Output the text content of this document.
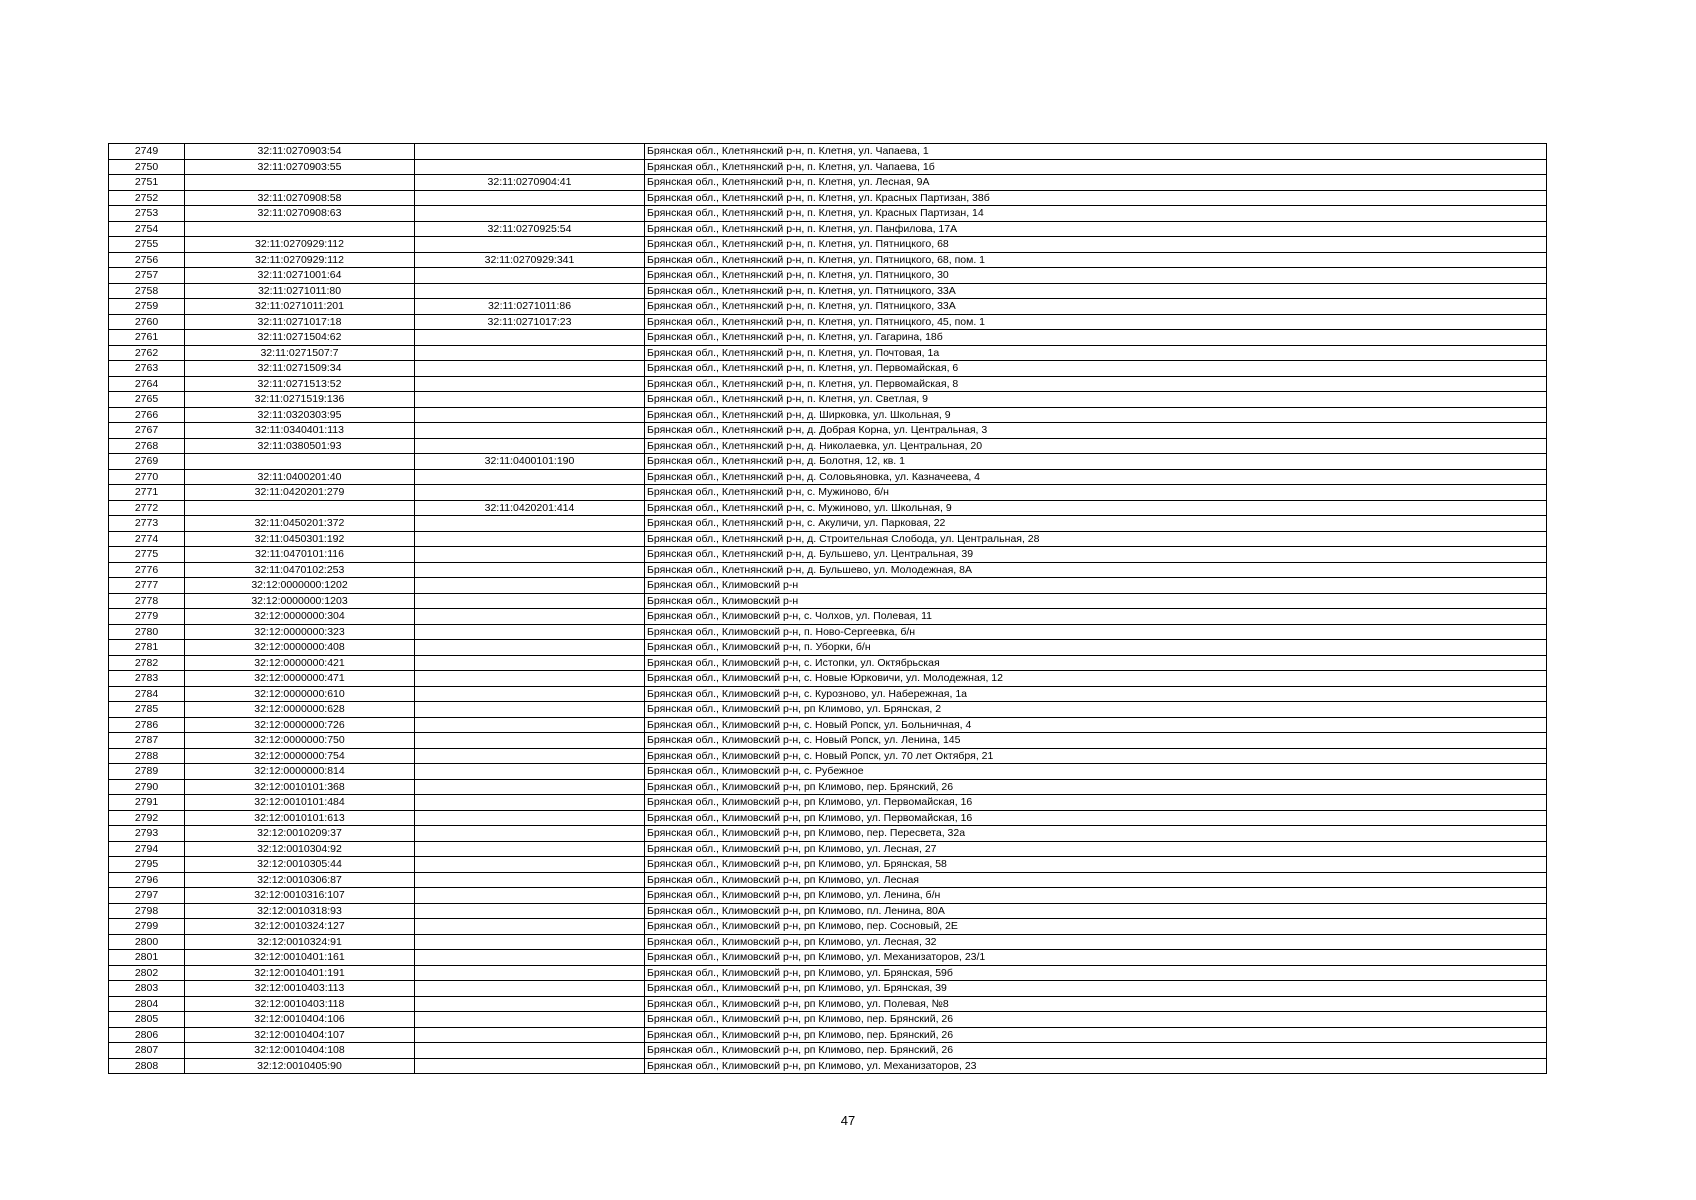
2749	32:11:0270903:54		Брянская обл., Клетнянский р-н, п. Клетня, ул. Чапаева, 1
2750	32:11:0270903:55		Брянская обл., Клетнянский р-н, п. Клетня, ул. Чапаева, 1б
2751		32:11:0270904:41	Брянская обл., Клетнянский р-н, п. Клетня, ул. Лесная, 9А
2752	32:11:0270908:58		Брянская обл., Клетнянский р-н, п. Клетня, ул. Красных Партизан, 38б
2753	32:11:0270908:63		Брянская обл., Клетнянский р-н, п. Клетня, ул. Красных Партизан, 14
2754		32:11:0270925:54	Брянская обл., Клетнянский р-н, п. Клетня, ул. Панфилова, 17А
2755	32:11:0270929:112		Брянская обл., Клетнянский р-н, п. Клетня, ул. Пятницкого, 68
2756	32:11:0270929:112	32:11:0270929:341	Брянская обл., Клетнянский р-н, п. Клетня, ул. Пятницкого, 68, пом. 1
2757	32:11:0271001:64		Брянская обл., Клетнянский р-н, п. Клетня, ул. Пятницкого, 30
2758	32:11:0271011:80		Брянская обл., Клетнянский р-н, п. Клетня, ул. Пятницкого, 33А
2759	32:11:0271011:201	32:11:0271011:86	Брянская обл., Клетнянский р-н, п. Клетня, ул. Пятницкого, 33А
2760	32:11:0271017:18	32:11:0271017:23	Брянская обл., Клетнянский р-н, п. Клетня, ул. Пятницкого, 45, пом. 1
2761	32:11:0271504:62		Брянская обл., Клетнянский р-н, п. Клетня, ул. Гагарина, 18б
2762	32:11:0271507:7		Брянская обл., Клетнянский р-н, п. Клетня, ул. Почтовая, 1а
2763	32:11:0271509:34		Брянская обл., Клетнянский р-н, п. Клетня, ул. Первомайская, 6
2764	32:11:0271513:52		Брянская обл., Клетнянский р-н, п. Клетня, ул. Первомайская, 8
2765	32:11:0271519:136		Брянская обл., Клетнянский р-н, п. Клетня, ул. Светлая, 9
2766	32:11:0320303:95		Брянская обл., Клетнянский р-н, д. Ширковка, ул. Школьная, 9
2767	32:11:0340401:113		Брянская обл., Клетнянский р-н, д. Добрая Корна, ул. Центральная, 3
2768	32:11:0380501:93		Брянская обл., Клетнянский р-н, д. Николаевка, ул. Центральная, 20
2769		32:11:0400101:190	Брянская обл., Клетнянский р-н, д. Болотня, 12, кв. 1
2770	32:11:0400201:40		Брянская обл., Клетнянский р-н, д. Соловьяновка, ул. Казначеева, 4
2771	32:11:0420201:279		Брянская обл., Клетнянский р-н, с. Мужиново, б/н
2772		32:11:0420201:414	Брянская обл., Клетнянский р-н, с. Мужиново, ул. Школьная, 9
2773	32:11:0450201:372		Брянская обл., Клетнянский р-н, с. Акуличи, ул. Парковая, 22
2774	32:11:0450301:192		Брянская обл., Клетнянский р-н, д. Строительная Слобода, ул. Центральная, 28
2775	32:11:0470101:116		Брянская обл., Клетнянский р-н, д. Бульшево, ул. Центральная, 39
2776	32:11:0470102:253		Брянская обл., Клетнянский р-н, д. Бульшево, ул. Молодежная, 8А
2777	32:12:0000000:1202		Брянская обл., Климовский р-н
2778	32:12:0000000:1203		Брянская обл., Климовский р-н
2779	32:12:0000000:304		Брянская обл., Климовский р-н, с. Чолхов, ул. Полевая, 11
2780	32:12:0000000:323		Брянская обл., Климовский р-н, п. Ново-Сергеевка, б/н
2781	32:12:0000000:408		Брянская обл., Климовский р-н, п. Уборки, б/н
2782	32:12:0000000:421		Брянская обл., Климовский р-н, с. Истопки, ул. Октябрьская
2783	32:12:0000000:471		Брянская обл., Климовский р-н, с. Новые Юрковичи, ул. Молодежная, 12
2784	32:12:0000000:610		Брянская обл., Климовский р-н, с. Курозново, ул. Набережная, 1а
2785	32:12:0000000:628		Брянская обл., Климовский р-н, рп Климово, ул. Брянская, 2
2786	32:12:0000000:726		Брянская обл., Климовский р-н, с. Новый Ропск, ул. Больничная, 4
2787	32:12:0000000:750		Брянская обл., Климовский р-н, с. Новый Ропск, ул. Ленина, 145
2788	32:12:0000000:754		Брянская обл., Климовский р-н, с. Новый Ропск, ул. 70 лет Октября, 21
2789	32:12:0000000:814		Брянская обл., Климовский р-н, с. Рубежное
2790	32:12:0010101:368		Брянская обл., Климовский р-н, рп Климово, пер. Брянский, 26
2791	32:12:0010101:484		Брянская обл., Климовский р-н, рп Климово, ул. Первомайская, 16
2792	32:12:0010101:613		Брянская обл., Климовский р-н, рп Климово, ул. Первомайская, 16
2793	32:12:0010209:37		Брянская обл., Климовский р-н, рп Климово, пер. Пересвета, 32а
2794	32:12:0010304:92		Брянская обл., Климовский р-н, рп Климово, ул. Лесная, 27
2795	32:12:0010305:44		Брянская обл., Климовский р-н, рп Климово, ул. Брянская, 58
2796	32:12:0010306:87		Брянская обл., Климовский р-н, рп Климово, ул. Лесная
2797	32:12:0010316:107		Брянская обл., Климовский р-н, рп Климово, ул. Ленина, б/н
2798	32:12:0010318:93		Брянская обл., Климовский р-н, рп Климово, пл. Ленина, 80А
2799	32:12:0010324:127		Брянская обл., Климовский р-н, рп Климово, пер. Сосновый, 2Е
2800	32:12:0010324:91		Брянская обл., Климовский р-н, рп Климово, ул. Лесная, 32
2801	32:12:0010401:161		Брянская обл., Климовский р-н, рп Климово, ул. Механизаторов, 23/1
2802	32:12:0010401:191		Брянская обл., Климовский р-н, рп Климово, ул. Брянская, 59б
2803	32:12:0010403:113		Брянская обл., Климовский р-н, рп Климово, ул. Брянская, 39
2804	32:12:0010403:118		Брянская обл., Климовский р-н, рп Климово, ул. Полевая, №8
2805	32:12:0010404:106		Брянская обл., Климовский р-н, рп Климово, пер. Брянский, 26
2806	32:12:0010404:107		Брянская обл., Климовский р-н, рп Климово, пер. Брянский, 26
2807	32:12:0010404:108		Брянская обл., Климовский р-н, рп Климово, пер. Брянский, 26
2808	32:12:0010405:90		Брянская обл., Климовский р-н, рп Климово, ул. Механизаторов, 23
47
